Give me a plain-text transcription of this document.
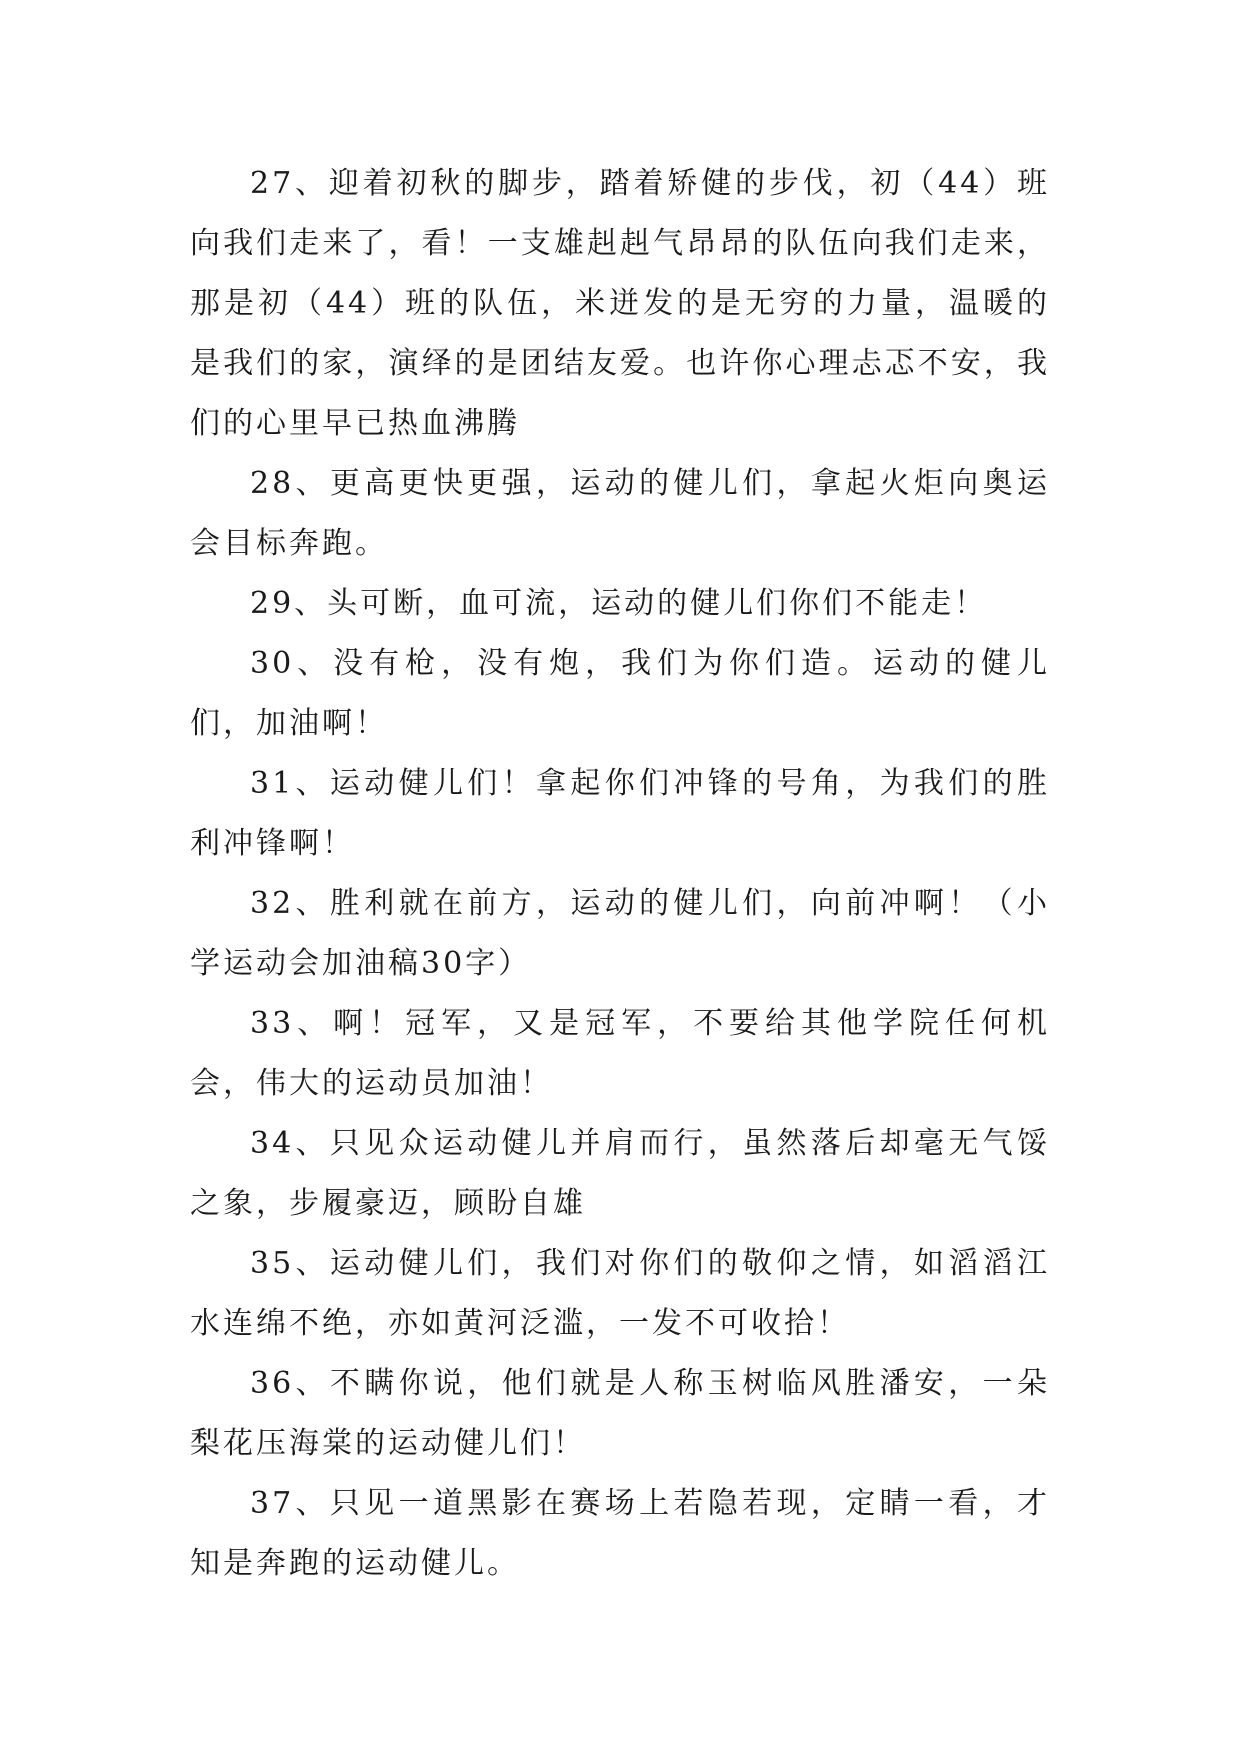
27、迎着初秋的脚步，踏着矫健的步伐，初（44）班向我们走来了，看！一支雄赳赳气昂昂的队伍向我们走来，那是初（44）班的队伍，米迸发的是无穷的力量，温暖的是我们的家，演绎的是团结友爱。也许你心理忐忑不安，我们的心里早已热血沸腾

28、更高更快更强，运动的健儿们，拿起火炬向奥运会目标奔跑。

29、头可断，血可流，运动的健儿们你们不能走！

30、没有枪，没有炮，我们为你们造。运动的健儿们，加油啊！

31、运动健儿们！拿起你们冲锋的号角，为我们的胜利冲锋啊！

32、胜利就在前方，运动的健儿们，向前冲啊！（小学运动会加油稿30字）

33、啊！冠军，又是冠军，不要给其他学院任何机会，伟大的运动员加油！

34、只见众运动健儿并肩而行，虽然落后却毫无气馁之象，步履豪迈，顾盼自雄

35、运动健儿们，我们对你们的敬仰之情，如滔滔江水连绵不绝，亦如黄河泛滥，一发不可收拾！

36、不瞒你说，他们就是人称玉树临风胜潘安，一朵梨花压海棠的运动健儿们！

37、只见一道黑影在赛场上若隐若现，定睛一看，才知是奔跑的运动健儿。
